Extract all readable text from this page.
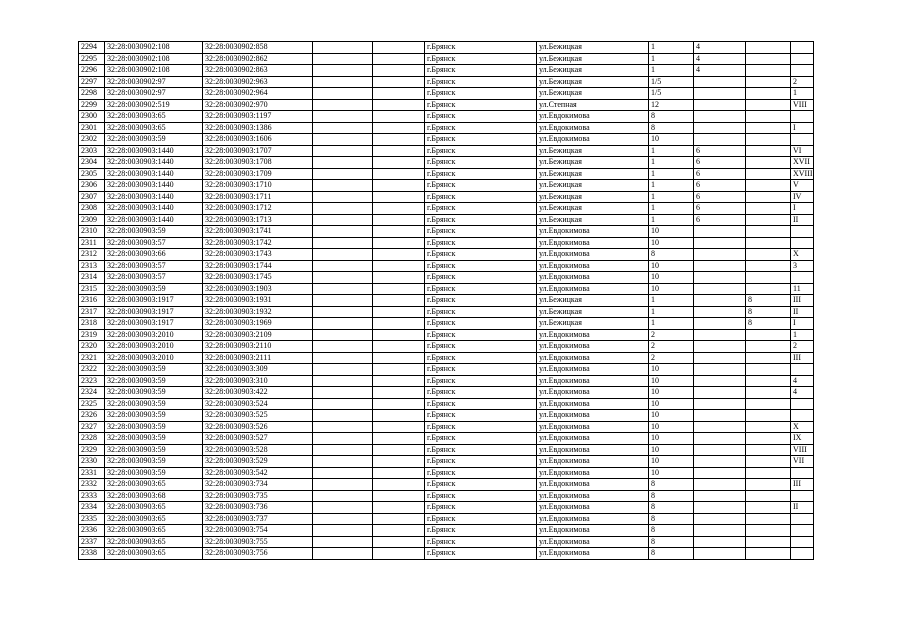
2294	32:28:0030902:108	32:28:0030902:858			г.Брянск	ул.Бежицкая	1	4		
2295	32:28:0030902:108	32:28:0030902:862			г.Брянск	ул.Бежицкая	1	4		
2296	32:28:0030902:108	32:28:0030902:863			г.Брянск	ул.Бежицкая	1	4		
2297	32:28:0030902:97	32:28:0030902:963			г.Брянск	ул.Бежицкая	1/5			2
2298	32:28:0030902:97	32:28:0030902:964			г.Брянск	ул.Бежицкая	1/5			1
2299	32:28:0030902:519	32:28:0030902:970			г.Брянск	ул.Степная	12			VIII
2300	32:28:0030903:65	32:28:0030903:1197			г.Брянск	ул.Евдокимова	8			
2301	32:28:0030903:65	32:28:0030903:1386			г.Брянск	ул.Евдокимова	8			I
2302	32:28:0030903:59	32:28:0030903:1606			г.Брянск	ул.Евдокимова	10			
2303	32:28:0030903:1440	32:28:0030903:1707			г.Брянск	ул.Бежицкая	1	6		VI
2304	32:28:0030903:1440	32:28:0030903:1708			г.Брянск	ул.Бежицкая	1	6		XVII
2305	32:28:0030903:1440	32:28:0030903:1709			г.Брянск	ул.Бежицкая	1	6		XVIII
2306	32:28:0030903:1440	32:28:0030903:1710			г.Брянск	ул.Бежицкая	1	6		V
2307	32:28:0030903:1440	32:28:0030903:1711			г.Брянск	ул.Бежицкая	1	6		IV
2308	32:28:0030903:1440	32:28:0030903:1712			г.Брянск	ул.Бежицкая	1	6		I
2309	32:28:0030903:1440	32:28:0030903:1713			г.Брянск	ул.Бежицкая	1	6		II
2310	32:28:0030903:59	32:28:0030903:1741			г.Брянск	ул.Евдокимова	10			
2311	32:28:0030903:57	32:28:0030903:1742			г.Брянск	ул.Евдокимова	10			
2312	32:28:0030903:66	32:28:0030903:1743			г.Брянск	ул.Евдокимова	8			X
2313	32:28:0030903:57	32:28:0030903:1744			г.Брянск	ул.Евдокимова	10			3
2314	32:28:0030903:57	32:28:0030903:1745			г.Брянск	ул.Евдокимова	10			
2315	32:28:0030903:59	32:28:0030903:1903			г.Брянск	ул.Евдокимова	10			11
2316	32:28:0030903:1917	32:28:0030903:1931			г.Брянск	ул.Бежицкая	1		8	III
2317	32:28:0030903:1917	32:28:0030903:1932			г.Брянск	ул.Бежицкая	1		8	II
2318	32:28:0030903:1917	32:28:0030903:1969			г.Брянск	ул.Бежицкая	1		8	I
2319	32:28:0030903:2010	32:28:0030903:2109			г.Брянск	ул.Евдокимова	2			1
2320	32:28:0030903:2010	32:28:0030903:2110			г.Брянск	ул.Евдокимова	2			2
2321	32:28:0030903:2010	32:28:0030903:2111			г.Брянск	ул.Евдокимова	2			III
2322	32:28:0030903:59	32:28:0030903:309			г.Брянск	ул.Евдокимова	10			
2323	32:28:0030903:59	32:28:0030903:310			г.Брянск	ул.Евдокимова	10			4
2324	32:28:0030903:59	32:28:0030903:422			г.Брянск	ул.Евдокимова	10			4
2325	32:28:0030903:59	32:28:0030903:524			г.Брянск	ул.Евдокимова	10			
2326	32:28:0030903:59	32:28:0030903:525			г.Брянск	ул.Евдокимова	10			
2327	32:28:0030903:59	32:28:0030903:526			г.Брянск	ул.Евдокимова	10			X
2328	32:28:0030903:59	32:28:0030903:527			г.Брянск	ул.Евдокимова	10			IX
2329	32:28:0030903:59	32:28:0030903:528			г.Брянск	ул.Евдокимова	10			VIII
2330	32:28:0030903:59	32:28:0030903:529			г.Брянск	ул.Евдокимова	10			VII
2331	32:28:0030903:59	32:28:0030903:542			г.Брянск	ул.Евдокимова	10			
2332	32:28:0030903:65	32:28:0030903:734			г.Брянск	ул.Евдокимова	8			III
2333	32:28:0030903:68	32:28:0030903:735			г.Брянск	ул.Евдокимова	8			
2334	32:28:0030903:65	32:28:0030903:736			г.Брянск	ул.Евдокимова	8			II
2335	32:28:0030903:65	32:28:0030903:737			г.Брянск	ул.Евдокимова	8			
2336	32:28:0030903:65	32:28:0030903:754			г.Брянск	ул.Евдокимова	8			
2337	32:28:0030903:65	32:28:0030903:755			г.Брянск	ул.Евдокимова	8			
2338	32:28:0030903:65	32:28:0030903:756			г.Брянск	ул.Евдокимова	8			
